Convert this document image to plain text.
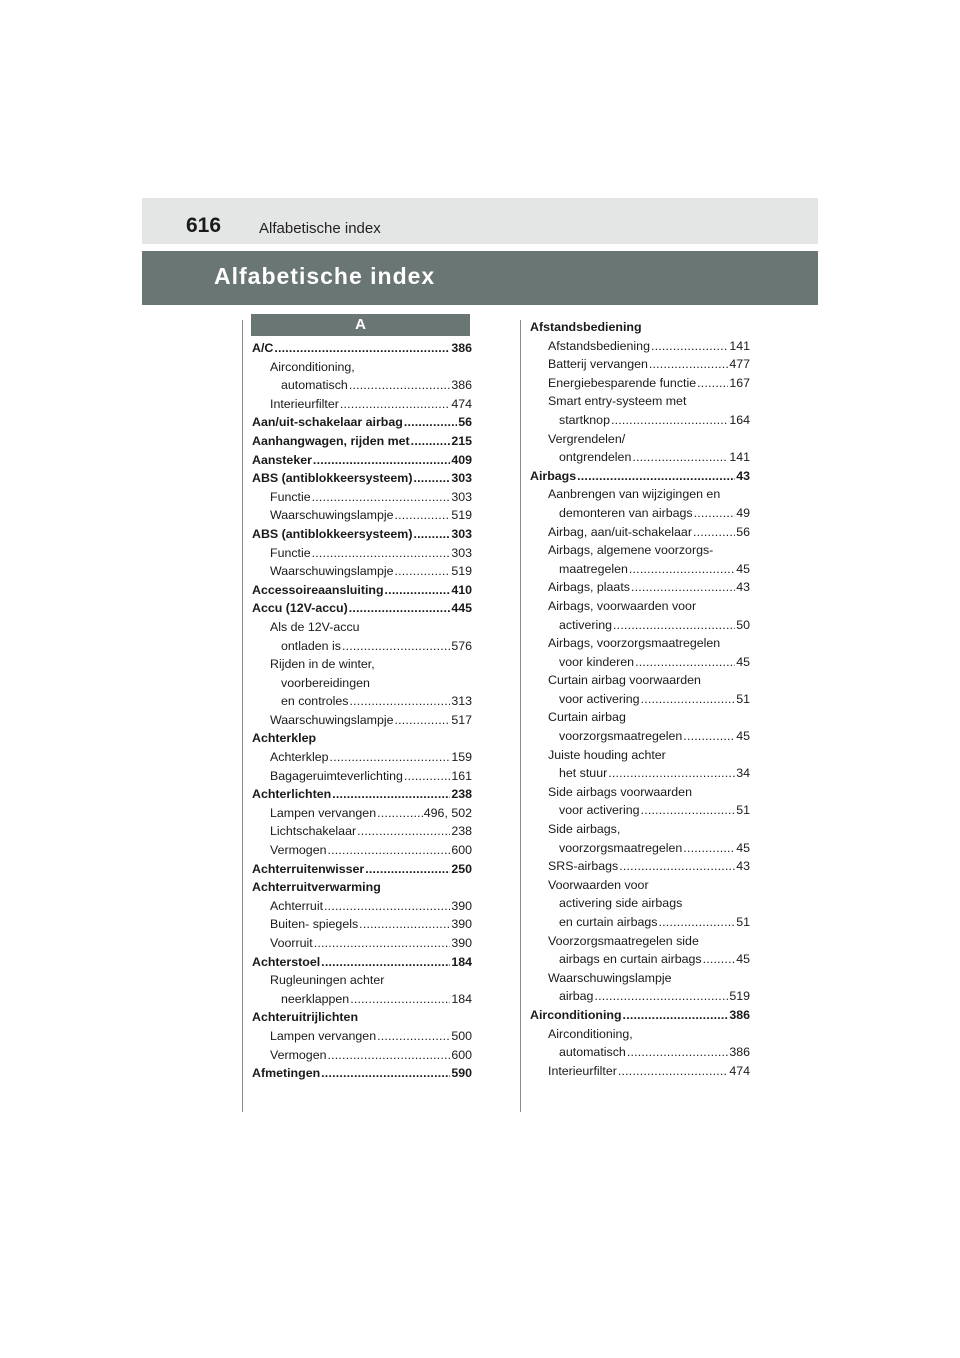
616	Alfabetische index
Alfabetische index
A
A/C .....	386
Airconditioning,
automatisch .....	386
Interieurfilter .....	474
Aan/uit-schakelaar airbag .....	56
Aanhangwagen, rijden met .....	215
Aansteker .....	409
ABS (antiblokkeersysteem) .....	303
Functie .....	303
Waarschuwingslampje .....	519
ABS (antiblokkeersysteem) .....	303
Functie .....	303
Waarschuwingslampje .....	519
Accessoireaansluiting .....	410
Accu (12V-accu) .....	445
Als de 12V-accu
ontladen is .....	576
Rijden in de winter,
voorbereidingen
en controles .....	313
Waarschuwingslampje .....	517
Achterklep
Achterklep .....	159
Bagageruimteverlichting .....	161
Achterlichten .....	238
Lampen vervangen .....	496, 502
Lichtschakelaar .....	238
Vermogen .....	600
Achterruitenwisser .....	250
Achterruitverwarming
Achterruit .....	390
Buiten- spiegels .....	390
Voorruit .....	390
Achterstoel .....	184
Rugleuningen achter
neerklappen .....	184
Achteruitrijlichten
Lampen vervangen .....	500
Vermogen .....	600
Afmetingen .....	590
Afstandsbediening
Afstandsbediening .....	141
Batterij vervangen .....	477
Energiebesparende functie .....	167
Smart entry-systeem met
startknop .....	164
Vergrendelen/
ontgrendelen .....	141
Airbags .....	43
Aanbrengen van wijzigingen en
demonteren van airbags .....	49
Airbag, aan/uit-schakelaar .....	56
Airbags, algemene voorzorgs-
maatregelen .....	45
Airbags, plaats .....	43
Airbags, voorwaarden voor
activering .....	50
Airbags, voorzorgsmaatregelen
voor kinderen .....	45
Curtain airbag voorwaarden
voor activering .....	51
Curtain airbag
voorzorgsmaatregelen .....	45
Juiste houding achter
het stuur .....	34
Side airbags voorwaarden
voor activering .....	51
Side airbags,
voorzorgsmaatregelen .....	45
SRS-airbags .....	43
Voorwaarden voor
activering side airbags
en curtain airbags .....	51
Voorzorgsmaatregelen side
airbags en curtain airbags .....	45
Waarschuwingslampje
airbag .....	519
Airconditioning .....	386
Airconditioning,
automatisch .....	386
Interieurfilter .....	474
